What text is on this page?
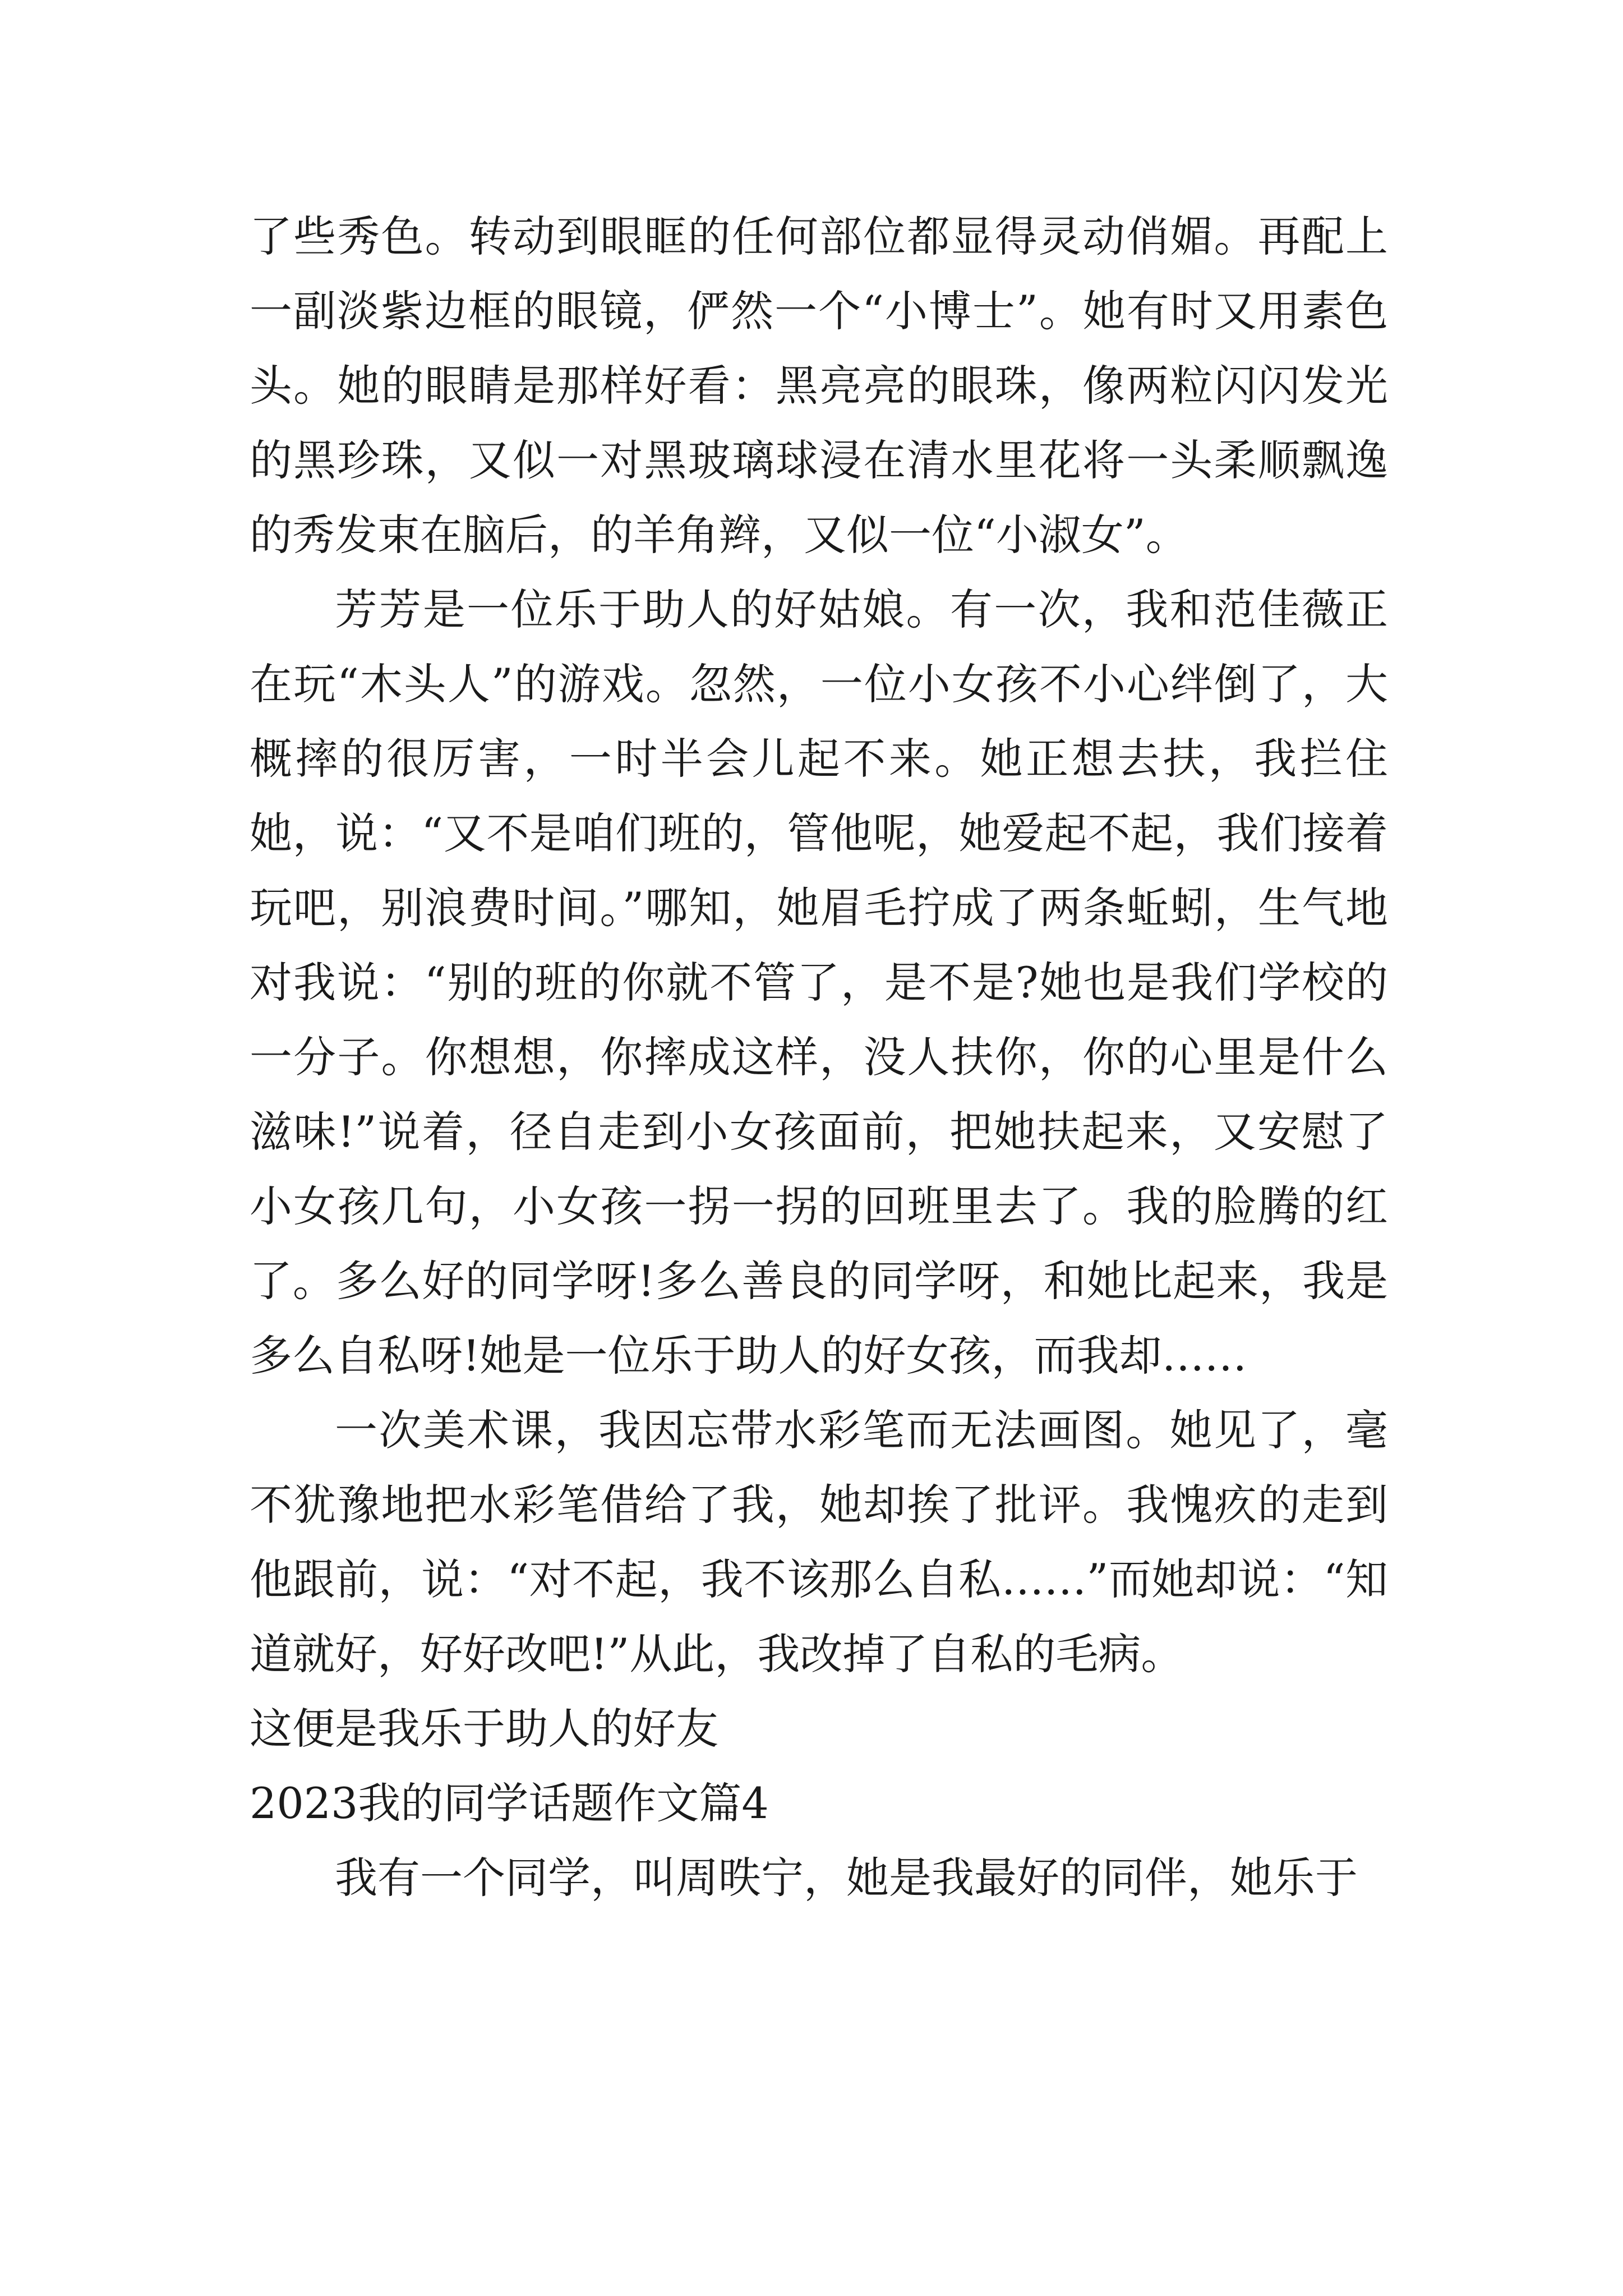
了些秀色。转动到眼眶的任何部位都显得灵动俏媚。再配上一副淡紫边框的眼镜，俨然一个“小博士”。她有时又用素色头。她的眼睛是那样好看：黑亮亮的眼珠，像两粒闪闪发光的黑珍珠，又似一对黑玻璃球浸在清水里花将一头柔顺飘逸的秀发束在脑后，的羊角辫，又似一位“小淑女”。

芳芳是一位乐于助人的好姑娘。有一次，我和范佳薇正在玩“木头人”的游戏。忽然，一位小女孩不小心绊倒了，大概摔的很厉害，一时半会儿起不来。她正想去扶，我拦住她，说：“又不是咱们班的，管他呢，她爱起不起，我们接着玩吧，别浪费时间。”哪知，她眉毛拧成了两条蚯蚓，生气地对我说：“别的班的你就不管了，是不是?她也是我们学校的一分子。你想想，你摔成这样，没人扶你，你的心里是什么滋味!”说着，径自走到小女孩面前，把她扶起来，又安慰了小女孩几句，小女孩一拐一拐的回班里去了。我的脸腾的红了。多么好的同学呀!多么善良的同学呀，和她比起来，我是多么自私呀!她是一位乐于助人的好女孩，而我却……

一次美术课，我因忘带水彩笔而无法画图。她见了，毫不犹豫地把水彩笔借给了我，她却挨了批评。我愧疚的走到他跟前，说：“对不起，我不该那么自私……”而她却说：“知道就好，好好改吧!”从此，我改掉了自私的毛病。

这便是我乐于助人的好友

2023我的同学话题作文篇4

我有一个同学，叫周昳宁，她是我最好的同伴，她乐于
